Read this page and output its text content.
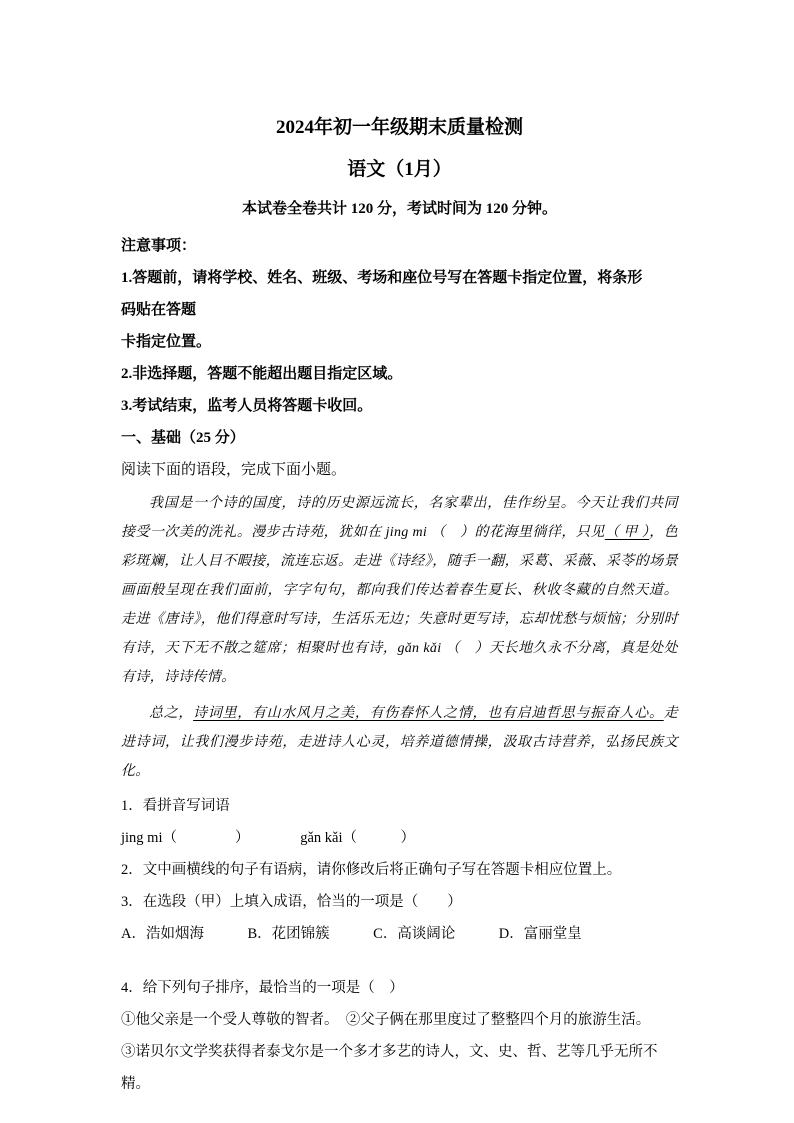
2024年初一年级期末质量检测
语文（1月）

本试卷全卷共计 120 分，考试时间为 120 分钟。

注意事项：

1.答题前，请将学校、姓名、班级、考场和座位号写在答题卡指定位置，将条形

码贴在答题

卡指定位置。

2.非选择题，答题不能超出题目指定区域。

3.考试结束，监考人员将答题卡收回。

一、基础（25 分）

阅读下面的语段，完成下面小题。

我国是一个诗的国度，诗的历史源远流长，名家辈出，佳作纷呈。今天让我们共同接受一次美的洗礼。漫步古诗苑，犹如在 jing mi （　）的花海里徜徉，只见（ 甲 ），色彩斑斓，让人目不暇接，流连忘返。走进《诗经》，随手一翻，采葛、采薇、采苓的场景画面般呈现在我们面前，字字句句，都向我们传达着春生夏长、秋收冬藏的自然天道。走进《唐诗》，他们得意时写诗，生活乐无边；失意时更写诗，忘却忧愁与烦恼；分别时有诗，天下无不散之筵席；相聚时也有诗，gǎn kǎi （　）天长地久永不分离，真是处处有诗，诗诗传情。

总之，诗词里，有山水风月之美，有伤春怀人之情，也有启迪哲思与振奋人心。走进诗词，让我们漫步诗苑，走进诗人心灵，培养道德情操，汲取古诗营养，弘扬民族文化。

1．看拼音写词语

jing mi（　　　　）　　　　gǎn kǎi（　　　）

2．文中画横线的句子有语病，请你修改后将正确句子写在答题卡相应位置上。

3．在选段（甲）上填入成语，恰当的一项是（　　）

A．浩如烟海　　　B．花团锦簇　　　C．高谈阔论　　　D．富丽堂皇

4．给下列句子排序，最恰当的一项是（　）

①他父亲是一个受人尊敬的智者。　②父子俩在那里度过了整整四个月的旅游生活。

③诺贝尔文学奖获得者泰戈尔是一个多才多艺的诗人，文、史、哲、艺等几乎无所不精。
